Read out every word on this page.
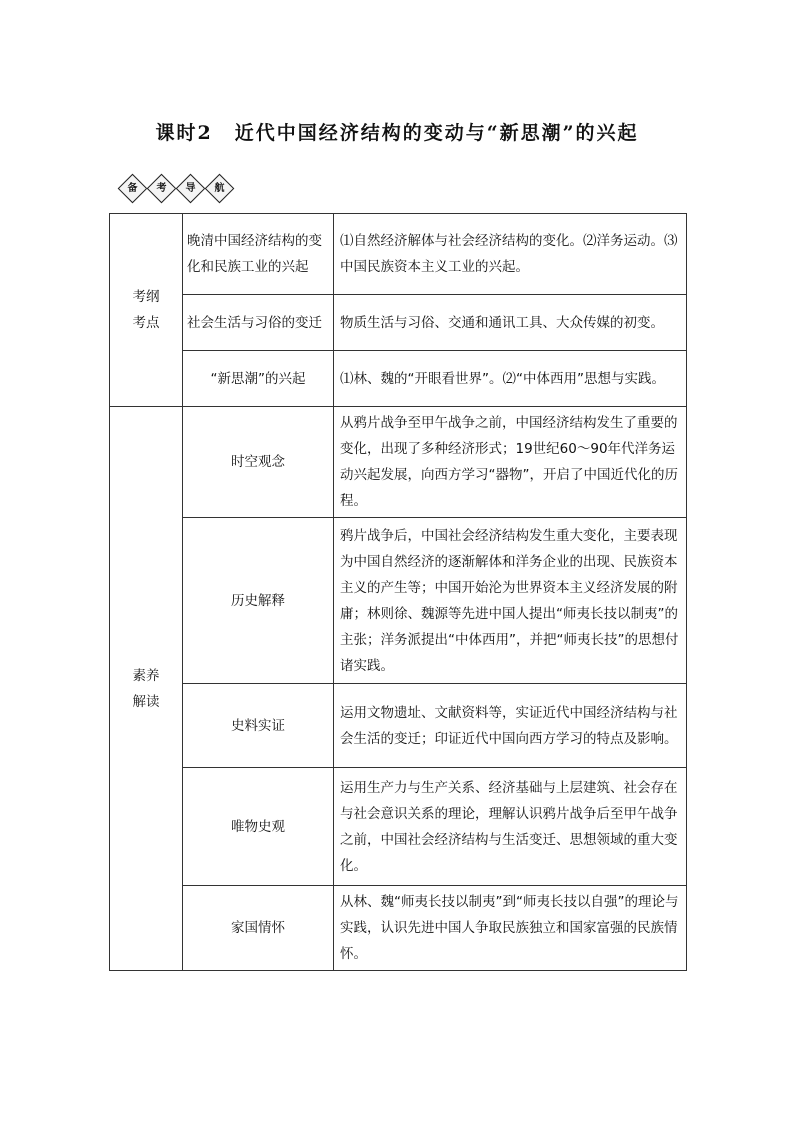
课时2 近代中国经济结构的变动与“新思潮”的兴起
备 考 导 航
考纲
考点	晚清中国经济结构的变化和民族工业的兴起	⑴自然经济解体与社会经济结构的变化。⑵洋务运动。⑶中国民族资本主义工业的兴起。
	社会生活与习俗的变迁	物质生活与习俗、交通和通讯工具、大众传媒的初变。
	“新思潮”的兴起	⑴林、魏的“开眼看世界”。⑵“中体西用”思想与实践。

素养
解读	时空观念	从鸦片战争至甲午战争之前，中国经济结构发生了重要的变化，出现了多种经济形式；19世纪60～90年代洋务运动兴起发展，向西方学习“器物”，开启了中国近代化的历程。
	历史解释	鸦片战争后，中国社会经济结构发生重大变化，主要表现为中国自然经济的逐渐解体和洋务企业的出现、民族资本主义的产生等；中国开始沦为世界资本主义经济发展的附庸；林则徐、魏源等先进中国人提出“师夷长技以制夷”的主张；洋务派提出“中体西用”，并把“师夷长技”的思想付诸实践。
	史料实证	运用文物遗址、文献资料等，实证近代中国经济结构与社会生活的变迁；印证近代中国向西方学习的特点及影响。
	唯物史观	运用生产力与生产关系、经济基础与上层建筑、社会存在与社会意识关系的理论，理解认识鸦片战争后至甲午战争之前，中国社会经济结构与生活变迁、思想领域的重大变化。
	家国情怀	从林、魏“师夷长技以制夷”到“师夷长技以自强”的理论与实践，认识先进中国人争取民族独立和国家富强的民族情怀。
